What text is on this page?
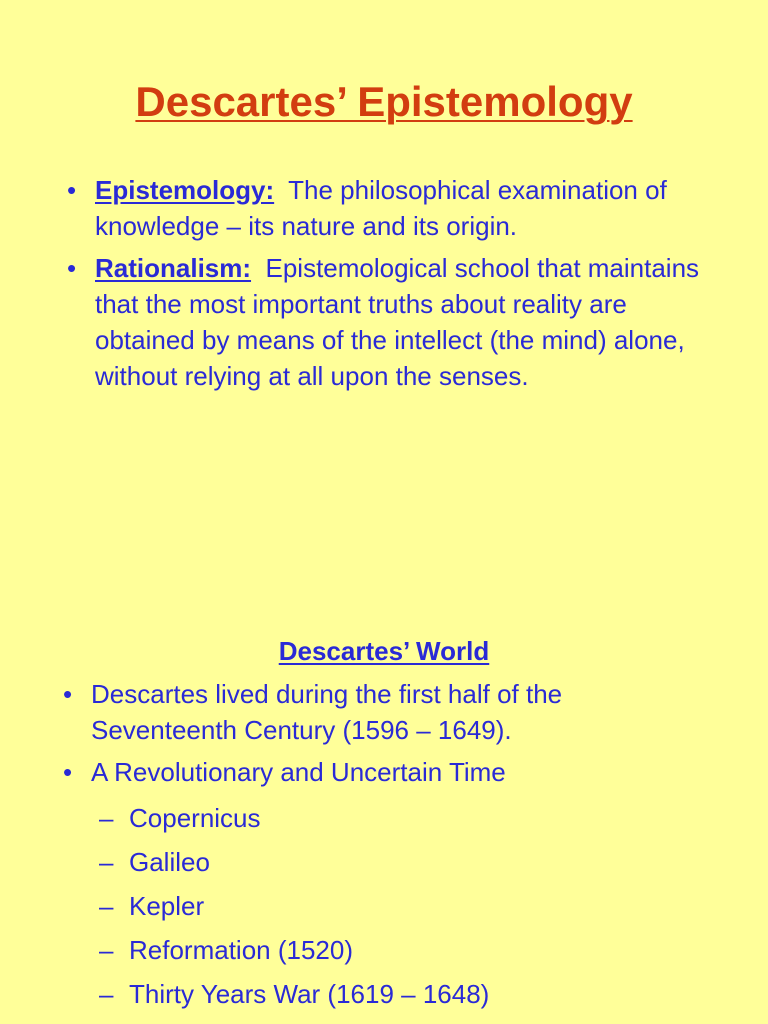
Descartes’ Epistemology
• Epistemology: The philosophical examination of knowledge – its nature and its origin.
• Rationalism: Epistemological school that maintains that the most important truths about reality are obtained by means of the intellect (the mind) alone, without relying at all upon the senses.
Descartes’ World
• Descartes lived during the first half of the Seventeenth Century (1596 – 1649).
• A Revolutionary and Uncertain Time
– Copernicus
– Galileo
– Kepler
– Reformation (1520)
– Thirty Years War (1619 – 1648)
